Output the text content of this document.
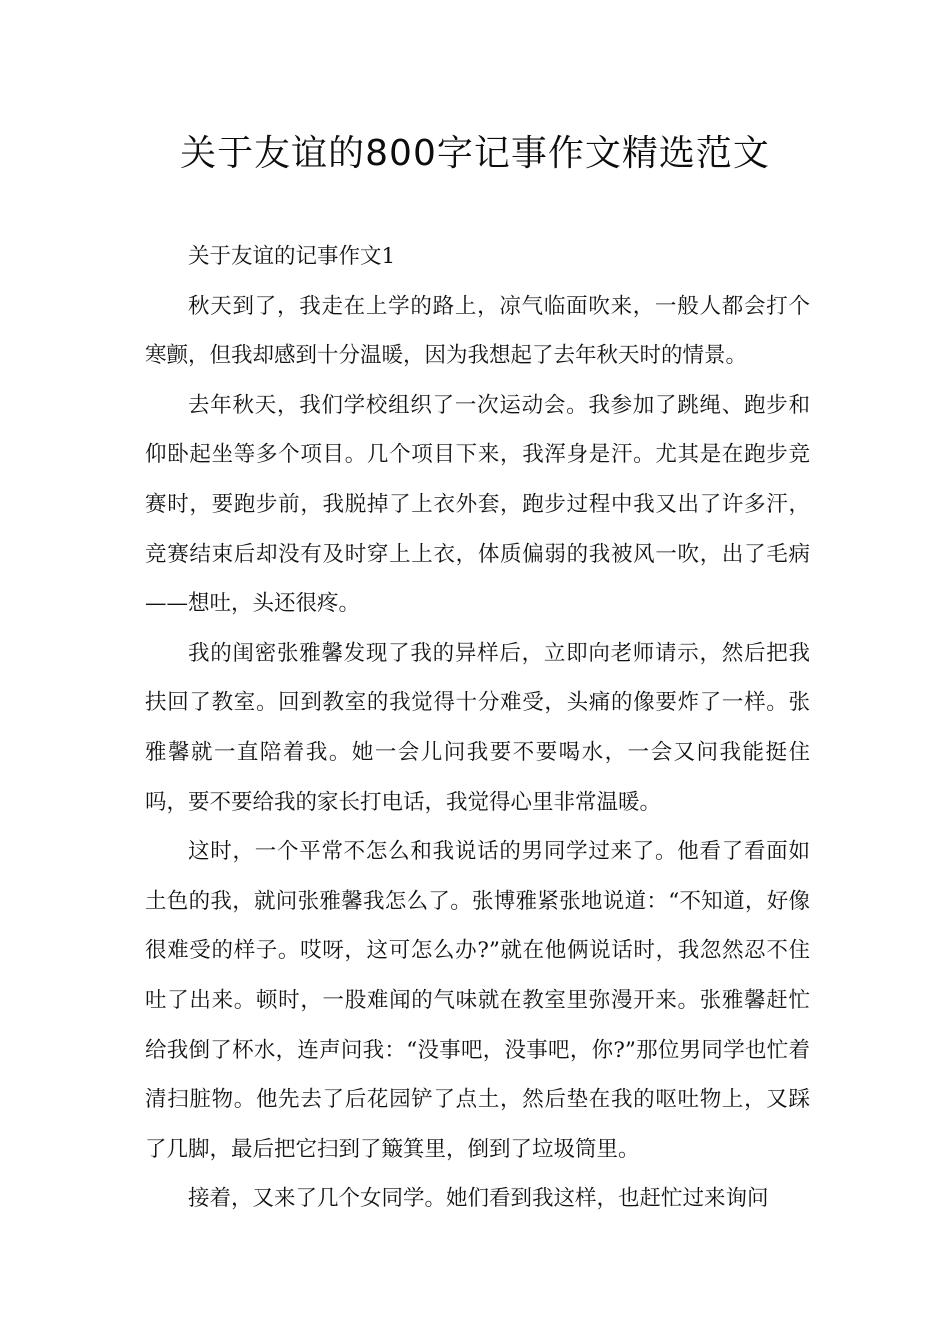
关于友谊的800字记事作文精选范文

关于友谊的记事作文1

秋天到了，我走在上学的路上，凉气临面吹来，一般人都会打个寒颤，但我却感到十分温暖，因为我想起了去年秋天时的情景。

去年秋天，我们学校组织了一次运动会。我参加了跳绳、跑步和仰卧起坐等多个项目。几个项目下来，我浑身是汗。尤其是在跑步竞赛时，要跑步前，我脱掉了上衣外套，跑步过程中我又出了许多汗，竞赛结束后却没有及时穿上上衣，体质偏弱的我被风一吹，出了毛病——想吐，头还很疼。

我的闺密张雅馨发现了我的异样后，立即向老师请示，然后把我扶回了教室。回到教室的我觉得十分难受，头痛的像要炸了一样。张雅馨就一直陪着我。她一会儿问我要不要喝水，一会又问我能挺住吗，要不要给我的家长打电话，我觉得心里非常温暖。

这时，一个平常不怎么和我说话的男同学过来了。他看了看面如土色的我，就问张雅馨我怎么了。张博雅紧张地说道：“不知道，好像很难受的样子。哎呀，这可怎么办?”就在他俩说话时，我忽然忍不住吐了出来。顿时，一股难闻的气味就在教室里弥漫开来。张雅馨赶忙给我倒了杯水，连声问我：“没事吧，没事吧，你?”那位男同学也忙着清扫脏物。他先去了后花园铲了点土，然后垫在我的呕吐物上，又踩了几脚，最后把它扫到了簸箕里，倒到了垃圾筒里。

接着，又来了几个女同学。她们看到我这样，也赶忙过来询问
